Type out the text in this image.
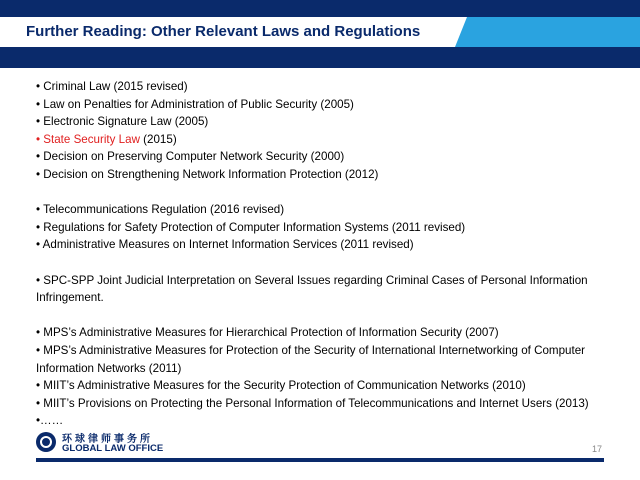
Further Reading: Other Relevant Laws and Regulations
• Criminal Law (2015 revised)
• Law on Penalties for Administration of Public Security (2005)
• Electronic Signature Law (2005)
• State Security Law (2015)
• Decision on Preserving Computer Network Security (2000)
• Decision on Strengthening Network Information Protection (2012)
• Telecommunications Regulation (2016 revised)
• Regulations for Safety Protection of Computer Information Systems (2011 revised)
• Administrative Measures on Internet Information Services (2011 revised)
• SPC-SPP Joint Judicial Interpretation on Several Issues regarding Criminal Cases of Personal Information Infringement.
• MPS’s Administrative Measures for Hierarchical Protection of Information Security (2007)
• MPS’s Administrative Measures for Protection of the Security of International Internetworking of Computer Information Networks (2011)
• MIIT’s Administrative Measures for the Security Protection of Communication Networks (2010)
• MIIT’s Provisions on Protecting the Personal Information of Telecommunications and Internet Users (2013)
•……
环球律师事务所
GLOBAL LAW OFFICE	17
